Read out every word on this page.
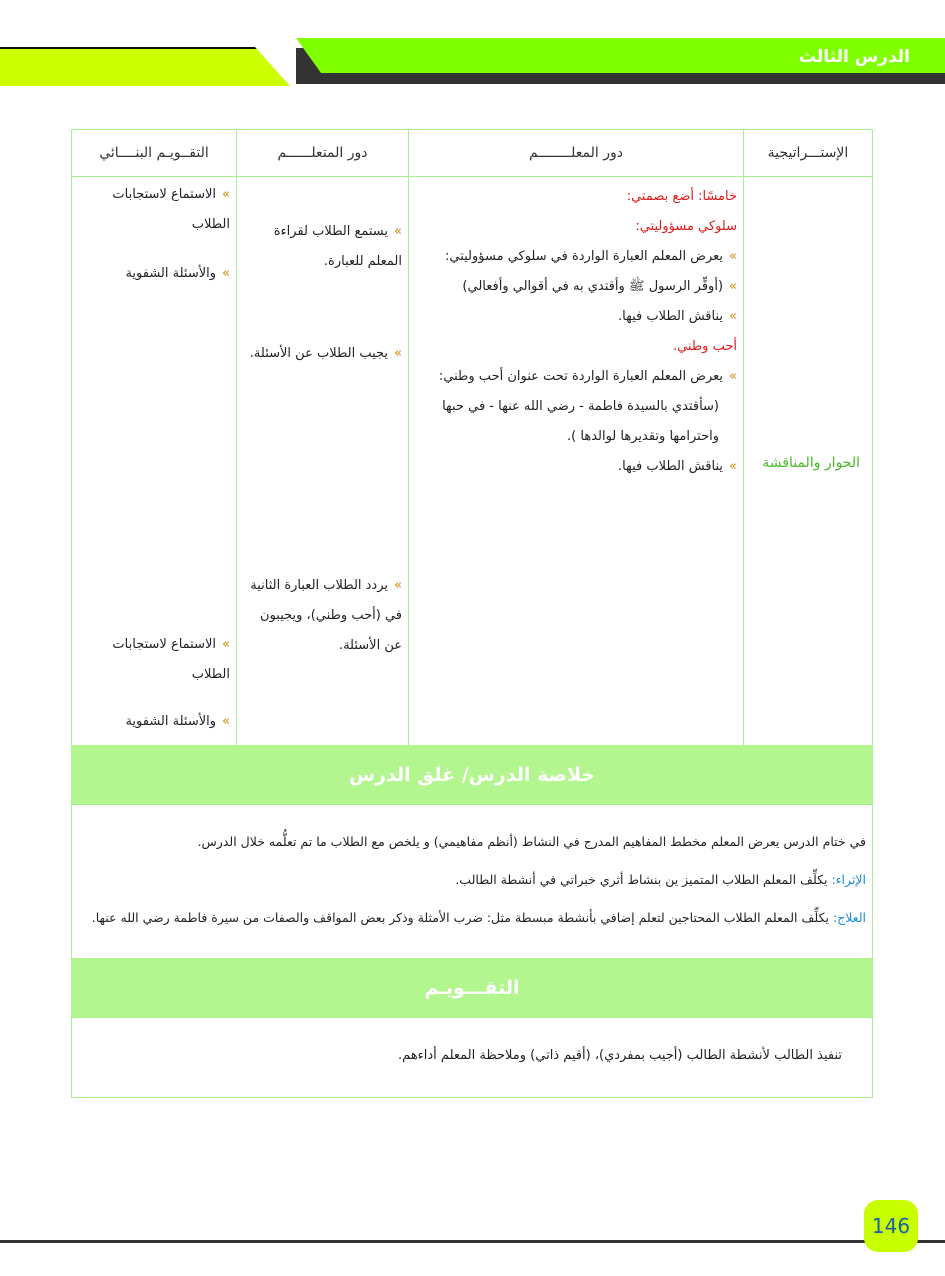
الدرس الثالث
الإستـــراتيجية
دور المعلــــــــم
دور المتعلــــــم
التقــويـم البنــــائي
الحوار والمناقشة
خامسًا: أضع بصمتي:
سلوكي مسؤوليتي:
»يعرض المعلم العبارة الواردة في سلوكي مسؤوليتي:
»(أوقِّر الرسول ﷺ وأقتدي به في أقوالي وأفعالي)
»يناقش الطلاب فيها.
أحب وطني.
»يعرض المعلم العبارة الواردة تحت عنوان أحب وطني:
(سأقتدي بالسيدة فاطمة - رضي الله عنها - في حبها واحترامها وتقديرها لوالدها ).
»يناقش الطلاب فيها.
»يستمع الطلاب لقراءة المعلم للعبارة.
»يجيب الطلاب عن الأسئلة.
»يردد الطلاب العبارة الثانية في (أحب وطني)، ويجيبون عن الأسئلة.
»الاستماع لاستجابات الطلاب
»والأسئلة الشفوية
»الاستماع لاستجابات الطلاب
»والأسئلة الشفوية
خلاصة الدرس/ غلق الدرس
في ختام الدرس يعرض المعلم مخطط المفاهيم المدرج في النشاط (أنظم مفاهيمي) و يلخص مع الطلاب ما تم تعلُّمه خلال الدرس.
الإثراء: يكلِّف المعلم الطلاب المتميز ين بنشاط أثري خبراتي في أنشطة الطالب.
العلاج: يكلِّف المعلم الطلاب المحتاجين لتعلم إضافي بأنشطة مبسطة مثل: ضرب الأمثلة وذكر بعض المواقف والصفات من سيرة فاطمة رضي الله عنها.
التقـــويـم
تنفيذ الطالب لأنشطة الطالب (أجيب بمفردي)، (أقيم ذاتي) وملاحظة المعلم أداءهم.
146
